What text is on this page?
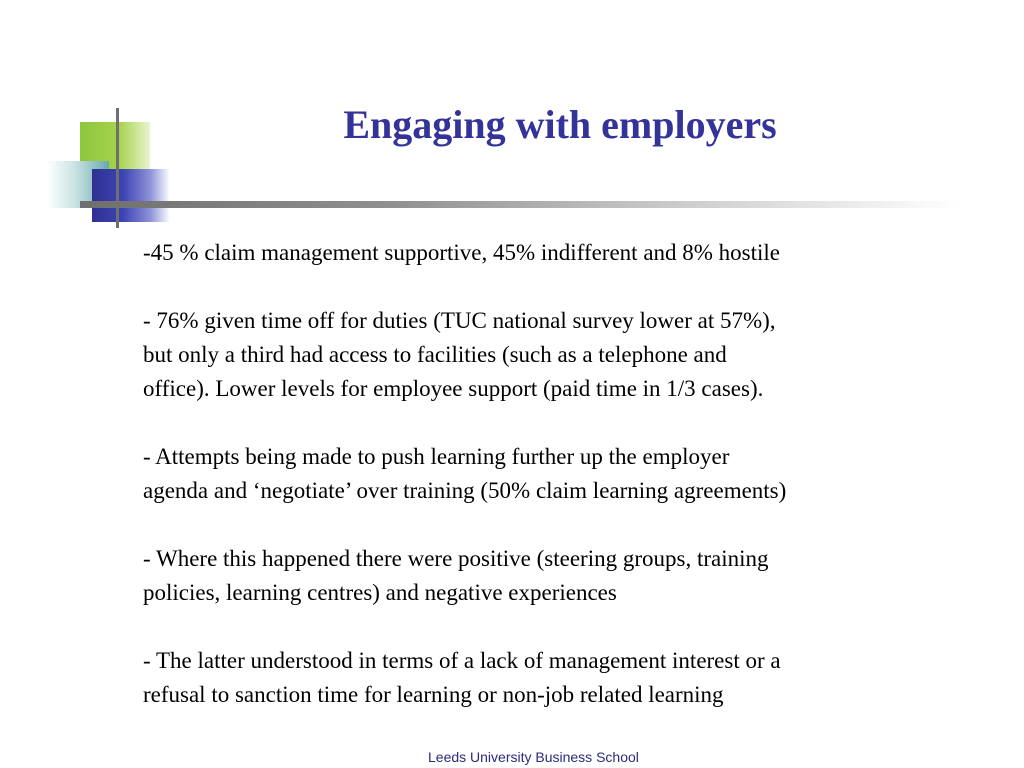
Engaging with employers

-45 % claim management supportive, 45% indifferent and 8% hostile

- 76% given time off for duties (TUC national survey lower at 57%),
but only a third had access to facilities (such as a telephone and
office). Lower levels for employee support (paid time in 1/3 cases).

- Attempts being made to push learning further up the employer
agenda and ‘negotiate’ over training (50% claim learning agreements)

- Where this happened there were positive (steering groups, training
policies, learning centres) and negative experiences

- The latter understood in terms of a lack of management interest or a
refusal to sanction time for learning or non-job related learning

Leeds University Business School
